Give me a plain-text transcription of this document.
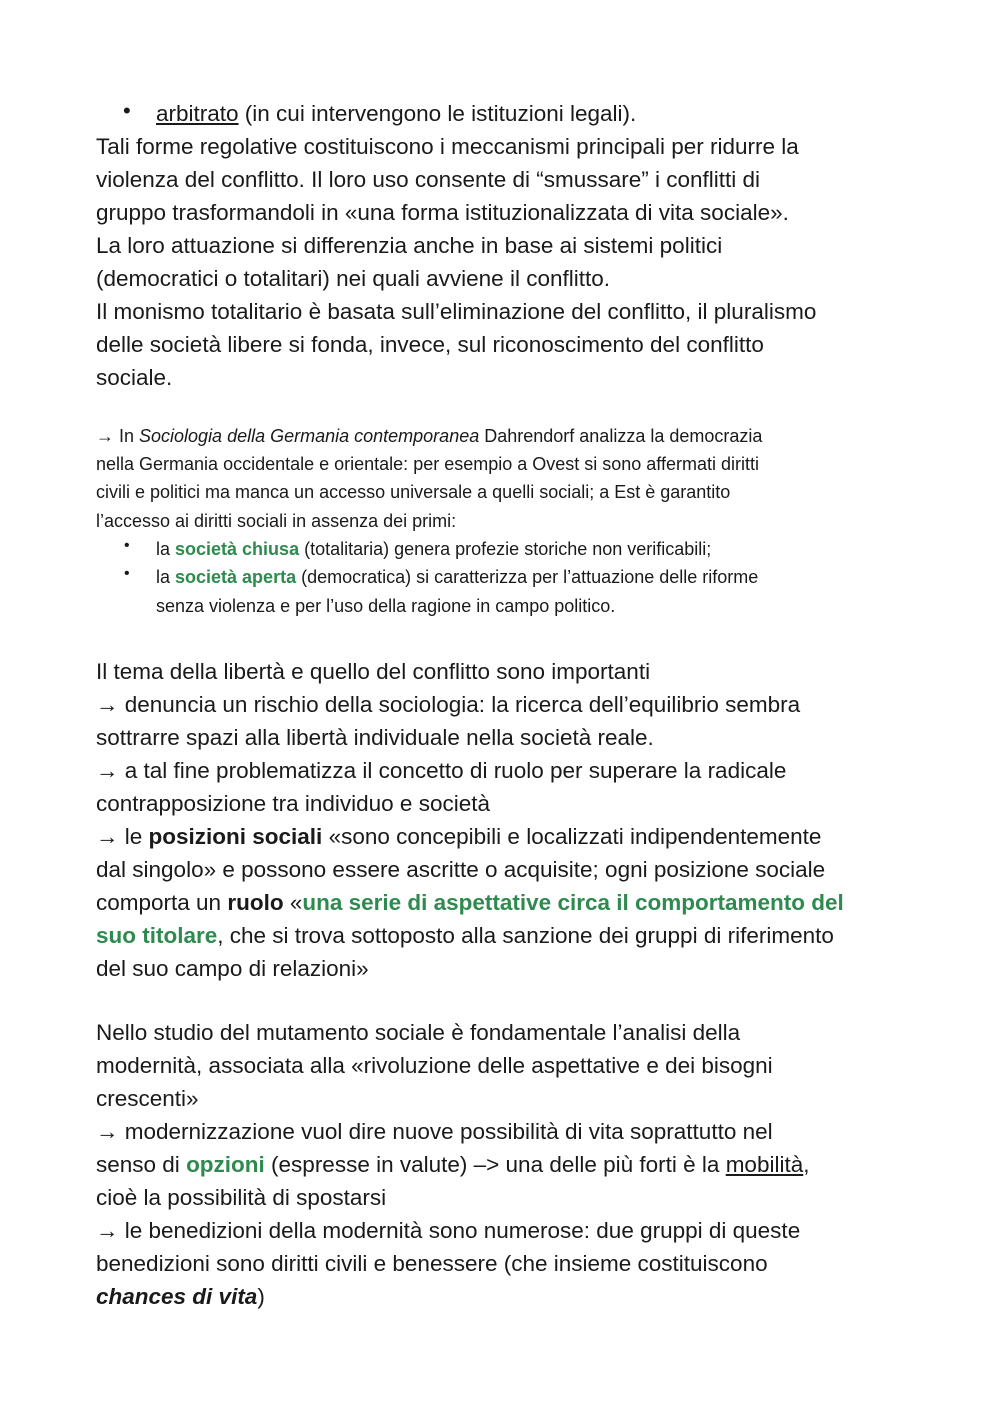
• arbitrato (in cui intervengono le istituzioni legali).
Tali forme regolative costituiscono i meccanismi principali per ridurre la
violenza del conflitto. Il loro uso consente di “smussare” i conflitti di
gruppo trasformandoli in «una forma istituzionalizzata di vita sociale».
La loro attuazione si differenzia anche in base ai sistemi politici
(democratici o totalitari) nei quali avviene il conflitto.
Il monismo totalitario è basata sull’eliminazione del conflitto, il pluralismo
delle società libere si fonda, invece, sul riconoscimento del conflitto
sociale.
→ In Sociologia della Germania contemporanea Dahrendorf analizza la democrazia
nella Germania occidentale e orientale: per esempio a Ovest si sono affermati diritti
civili e politici ma manca un accesso universale a quelli sociali; a Est è garantito
l’accesso ai diritti sociali in assenza dei primi:
• la società chiusa (totalitaria) genera profezie storiche non verificabili;
• la società aperta (democratica) si caratterizza per l’attuazione delle riforme
senza violenza e per l’uso della ragione in campo politico.
Il tema della libertà e quello del conflitto sono importanti
→ denuncia un rischio della sociologia: la ricerca dell’equilibrio sembra
sottrarre spazi alla libertà individuale nella società reale.
→ a tal fine problematizza il concetto di ruolo per superare la radicale
contrapposizione tra individuo e società
→ le posizioni sociali «sono concepibili e localizzati indipendentemente
dal singolo» e possono essere ascritte o acquisite; ogni posizione sociale
comporta un ruolo «una serie di aspettative circa il comportamento del
suo titolare, che si trova sottoposto alla sanzione dei gruppi di riferimento
del suo campo di relazioni»
Nello studio del mutamento sociale è fondamentale l’analisi della
modernità, associata alla «rivoluzione delle aspettative e dei bisogni
crescenti»
→ modernizzazione vuol dire nuove possibilità di vita soprattutto nel
senso di opzioni (espresse in valute) –> una delle più forti è la mobilità,
cioè la possibilità di spostarsi
→ le benedizioni della modernità sono numerose: due gruppi di queste
benedizioni sono diritti civili e benessere (che insieme costituiscono
chances di vita)
